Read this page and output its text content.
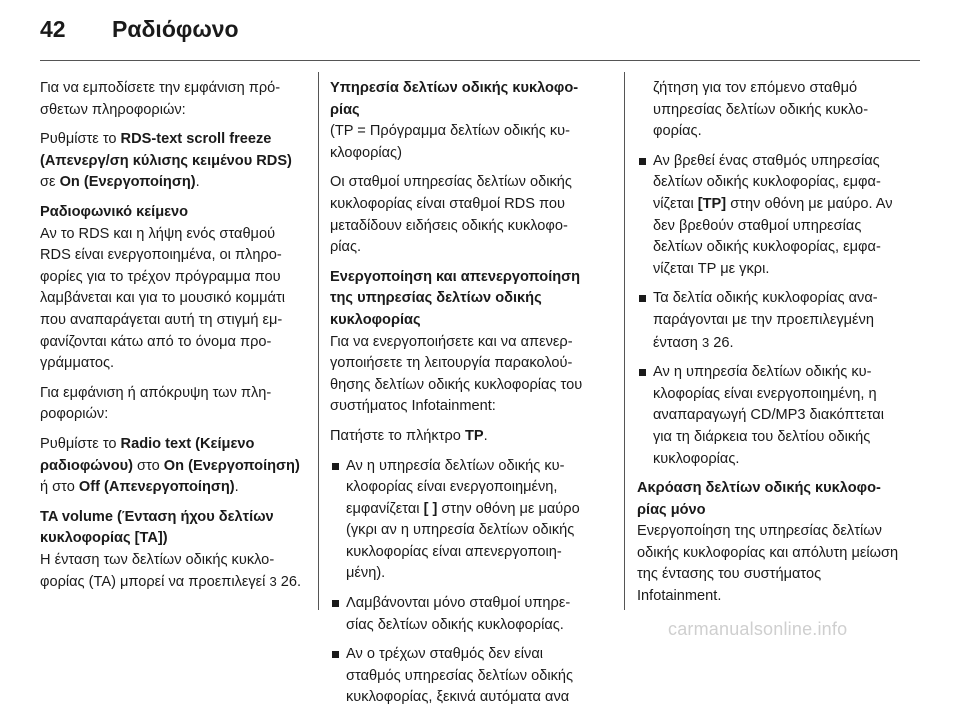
42	Ραδιόφωνο

Για να εμποδίσετε την εμφάνιση πρόσθετων πληροφοριών:

Ρυθμίστε το RDS-text scroll freeze (Απενεργ/ση κύλισης κειμένου RDS) σε On (Ενεργοποίηση).

Ραδιοφωνικό κείμενο
Αν το RDS και η λήψη ενός σταθμού RDS είναι ενεργοποιημένα, οι πληροφορίες για το τρέχον πρόγραμμα που λαμβάνεται και για το μουσικό κομμάτι που αναπαράγεται αυτή τη στιγμή εμφανίζονται κάτω από το όνομα προγράμματος.

Για εμφάνιση ή απόκρυψη των πληροφοριών:

Ρυθμίστε το Radio text (Κείμενο ραδιοφώνου) στο On (Ενεργοποίηση) ή στο Off (Απενεργοποίηση).

TA volume (Ένταση ήχου δελτίων κυκλοφορίας [TA])
Η ένταση των δελτίων οδικής κυκλοφορίας (TA) μπορεί να προεπιλεγεί 3 26.
Υπηρεσία δελτίων οδικής κυκλοφορίας
(TP = Πρόγραμμα δελτίων οδικής κυκλοφορίας)

Οι σταθμοί υπηρεσίας δελτίων οδικής κυκλοφορίας είναι σταθμοί RDS που μεταδίδουν ειδήσεις οδικής κυκλοφορίας.

Ενεργοποίηση και απενεργοποίηση της υπηρεσίας δελτίων οδικής κυκλοφορίας
Για να ενεργοποιήσετε και να απενεργοποιήσετε τη λειτουργία παρακολούθησης δελτίων οδικής κυκλοφορίας του συστήματος Infotainment:

Πατήστε το πλήκτρο TP.

Αν η υπηρεσία δελτίων οδικής κυκλοφορίας είναι ενεργοποιημένη, εμφανίζεται [ ] στην οθόνη με μαύρο (γκρι αν η υπηρεσία δελτίων οδικής κυκλοφορίας είναι απενεργοποιημένη).
Λαμβάνονται μόνο σταθμοί υπηρεσίας δελτίων οδικής κυκλοφορίας.
Αν ο τρέχων σταθμός δεν είναι σταθμός υπηρεσίας δελτίων οδικής κυκλοφορίας, ξεκινά αυτόματα ανα

ζήτηση για τον επόμενο σταθμό υπηρεσίας δελτίων οδικής κυκλοφορίας.

Αν βρεθεί ένας σταθμός υπηρεσίας δελτίων οδικής κυκλοφορίας, εμφανίζεται [TP] στην οθόνη με μαύρο. Αν δεν βρεθούν σταθμοί υπηρεσίας δελτίων οδικής κυκλοφορίας, εμφανίζεται TP με γκρι.
Τα δελτία οδικής κυκλοφορίας αναπαράγονται με την προεπιλεγμένη ένταση 3 26.
Αν η υπηρεσία δελτίων οδικής κυκλοφορίας είναι ενεργοποιημένη, η αναπαραγωγή CD/MP3 διακόπτεται για τη διάρκεια του δελτίου οδικής κυκλοφορίας.
Ακρόαση δελτίων οδικής κυκλοφορίας μόνο
Ενεργοποίηση της υπηρεσίας δελτίων οδικής κυκλοφορίας και απόλυτη μείωση της έντασης του συστήματος Infotainment.
carmanualsonline.info
